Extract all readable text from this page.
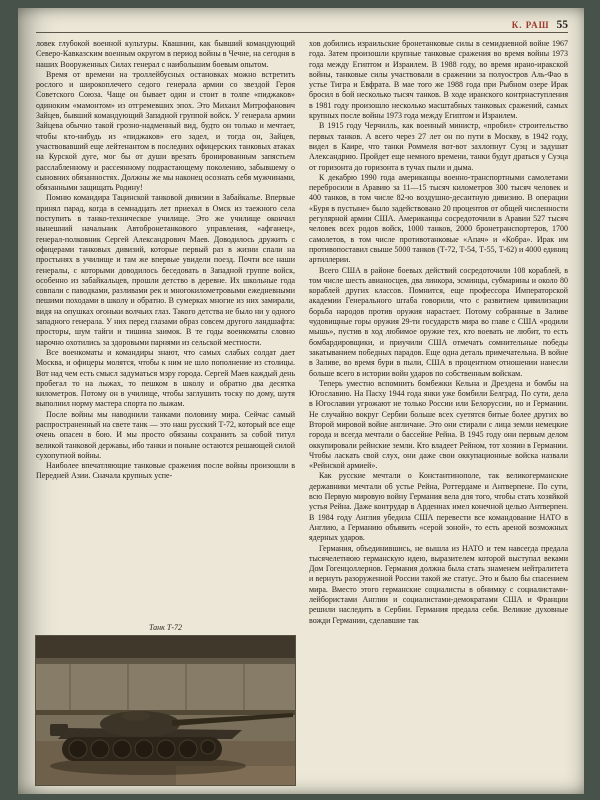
К. РАШ 55

ловек глубокой военной культуры. Квашнин, как бывший командующий Северо-Кавказским военным округом в период войны в Чечне, на сегодня в наших Вооруженных Силах генерал с наибольшим боевым опытом.

Время от времени на троллейбусных остановках можно встретить рослого и широкоплечего седого генерала армии со звездой Героя Советского Союза. Чаще он бывает один и стоит в толпе «пиджаков» одиноким «мамонтом» из отгремевших эпох. Это Михаил Митрофанович Зайцев, бывший командующий Западной группой войск. У генерала армии Зайцева обычно такой грозно-надменный вид, будто он только и мечтает, чтобы кто-нибудь из «пиджаков» его задел, и тогда он, Зайцев, участвовавший еще лейтенантом в последних офицерских танковых атаках на Курской дуге, мог бы от души врезать бронированным запястьем расслабленному и рассеянному подрастающему поколению, забывшему о сыновних обязанностях. Должны же мы наконец осознать себя мужчинами, обязанными защищать Родину!

Помню командира Тацинской танковой дивизии в Забайкалье. Впервые принял парад, когда в семнадцать лет приехал в Омск из таежного села поступить в танко-техническое училище. Это же училище окончил нынешний начальник Автобронетанкового управления, «афганец», генерал-полковник Сергей Александрович Маев. Доводилось дружить с офицерами танковых дивизий, которые первый раз в жизни спали на простынях в училище и там же впервые увидели поезд. Почти все наши генералы, с которыми доводилось беседовать в Западной группе войск, особенно из забайкальцев, прошли детство в деревне. Их школьные года совпали с паводками, разливами рек и многокилометровыми ежедневными пешими походами в школу и обратно. В сумерках многие из них замирали, видя на опушках огоньки волчьих глаз. Такого детства не было ни у одного западного генерала. У них перед глазами образ совсем другого ландшафта: просторы, шум тайги и тишина заимок. В те годы военкоматы словно нарочно охотились за здоровыми парнями из сельской местности.

Все военкоматы и командиры знают, что самых слабых солдат дает Москва, и офицеры молятся, чтобы к ним не шло пополнение из столицы. Вот над чем есть смысл задуматься мэру города. Сергей Маев каждый день пробегал то на лыжах, то пешком в школу и обратно два десятка километров. Потому он в училище, чтобы заглушить тоску по дому, шутя выполнил норму мастера спорта по лыжам.

После войны мы наводнили танками половину мира. Сейчас самый распространенный на свете танк — это наш русский Т-72, который все еще очень опасен в бою. И мы просто обязаны сохранить за собой титул великой танковой державы, ибо танки и поныне остаются решающей силой сухопутной войны.

Наиболее впечатляющие танковые сражения после войны произошли в Передней Азии. Сначала крупных успе-

Танк Т-72

хов добились израильские бронетанковые силы в семидневной войне 1967 года. Затем произошли крупные танковые сражения во время войны 1973 года между Египтом и Израилем. В 1988 году, во время ирано-иракской войны, танковые силы участвовали в сражении за полуостров Аль-Фао в устье Тигра и Евфрата. В мае того же 1988 года при Рыбном озере Ирак бросил в бой несколько тысяч танков. В ходе иранского контрнаступления в 1981 году произошло несколько масштабных танковых сражений, самых крупных после войны 1973 года между Египтом и Израилем.

В 1915 году Черчилль, как военный министр, «пробил» строительство первых танков. А всего через 27 лет он по пути в Москву, в 1942 году, видел в Каире, что танки Роммеля вот-вот захлопнут Суэц и задушат Александрию. Пройдет еще немного времени, танки будут драться у Суэца от горизонта до горизонта в тучах пыли и дыма.

К декабрю 1990 года американцы военно-транспортными самолетами перебросили в Аравию за 11—15 тысяч километров 300 тысяч человек и 400 танков, в том числе 82-ю воздушно-десантную дивизию. В операции «Буря в пустыне» было задействовано 20 процентов от общей численности регулярной армии США. Американцы сосредоточили в Аравии 527 тысяч человек всех родов войск, 1000 танков, 2000 бронетранспортеров, 1700 самолетов, в том числе противотанковые «Апач» и «Кобра». Ирак им противопоставил свыше 5000 танков (Т-72, Т-54, Т-55, Т-62) и 4000 единиц артиллерии.

Всего США в районе боевых действий сосредоточили 108 кораблей, в том числе шесть авианосцев, два линкора, эсминцы, субмарины и около 80 кораблей других классов. Помнится, еще профессора Императорской академии Генерального штаба говорили, что с развитием цивилизации борьба народов против оружия нарастает. Потому собранные в Заливе чудовищные горы оружия 29-ти государств мира во главе с США «родили мышь», пустив в ход любимое оружие тех, кто воевать не любит, то есть бомбардировщики, и приучили США отмечать сомнительные победы закатыванием победных парадов. Еще одна деталь примечательна. В войне в Заливе, во время бури в пыли, США в процентном отношении нанесли больше всего в истории войн ударов по собственным войскам.

Теперь уместно вспомнить бомбежки Кельна и Дрездена и бомбы на Югославию. На Пасху 1944 года янки уже бомбили Белград. По сути, дела в Югославии угрожают не только России или Белоруссии, но и Германии. Не случайно вокруг Сербии больше всех суетятся битые более других во Второй мировой войне англичане. Это они стирали с лица земли немецкие города и всегда мечтали о бассейне Рейна. В 1945 году они первым делом оккупировали рейнские земли. Кто владеет Рейном, тот хозяин в Германии. Чтобы ласкать свой слух, они даже свои оккупационные войска назвали «Рейнской армией».

Как русские мечтали о Константинополе, так великогерманские державники мечтали об устье Рейна, Роттердаме и Антверпене. По сути, всю Первую мировую войну Германия вела для того, чтобы стать хозяйкой устья Рейна. Даже контрудар в Арденнах имел конечной целью Антверпен. В 1984 году Англия убедила США перевести все командование НАТО в Англию, а Германию объявить «серой зоной», то есть ареной возможных ядерных ударов.

Германия, объединившись, не вышла из НАТО и тем навсегда предала тысячелетнюю германскую идею, выразителем которой выступал веками Дом Гогенцоллернов. Германия должна была стать знаменем нейтралитета и вернуть разоруженной России такой же статус. Это и было бы спасением мира. Вместо этого германские социалисты в обнимку с социалистами-лейбористами Англии и социалистами-демократами США и Франции решили наследить в Сербии. Германия предала себя. Великие духовные вожди Германии, сделавшие так
